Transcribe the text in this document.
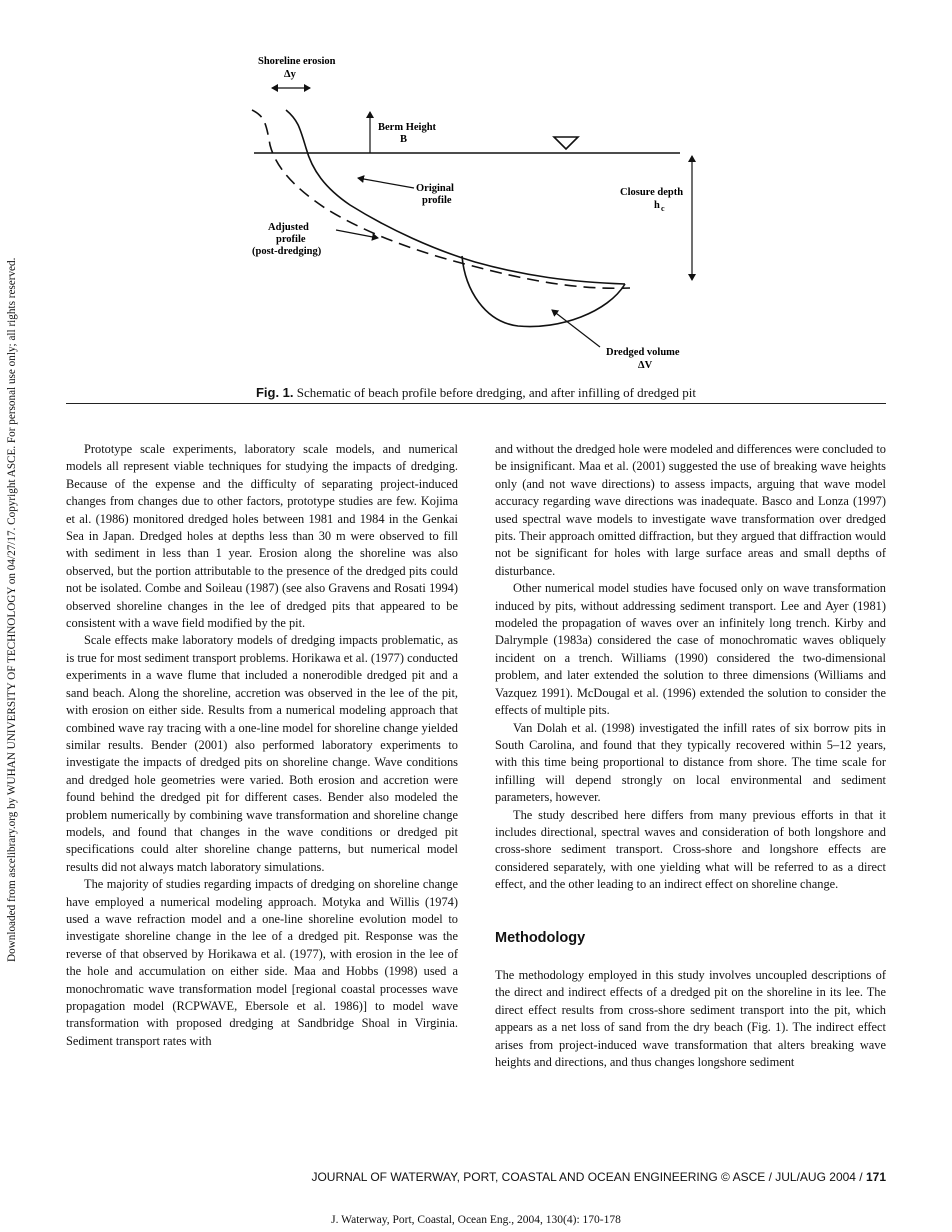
Downloaded from ascelibrary.org by WUHAN UNIVERSITY OF TECHNOLOGY on 04/27/17. Copyright ASCE. For personal use only; all rights reserved.
Shoreline erosion
Δy
Berm Height
B
Closure depth
h c
Original
profile
Adjusted
profile
(post-dredging)
Dredged volume
ΔV
Fig. 1. Schematic of beach profile before dredging, and after infilling of dredged pit

Prototype scale experiments, laboratory scale models, and numerical models all represent viable techniques for studying the impacts of dredging. Because of the expense and the difficulty of separating project-induced changes from changes due to other factors, prototype studies are few. Kojima et al. (1986) monitored dredged holes between 1981 and 1984 in the Genkai Sea in Japan. Dredged holes at depths less than 30 m were observed to fill with sediment in less than 1 year. Erosion along the shoreline was also observed, but the portion attributable to the presence of the dredged pits could not be isolated. Combe and Soileau (1987) (see also Gravens and Rosati 1994) observed shoreline changes in the lee of dredged pits that appeared to be consistent with a wave field modified by the pit.

Scale effects make laboratory models of dredging impacts problematic, as is true for most sediment transport problems. Horikawa et al. (1977) conducted experiments in a wave flume that included a nonerodible dredged pit and a sand beach. Along the shoreline, accretion was observed in the lee of the pit, with erosion on either side. Results from a numerical modeling approach that combined wave ray tracing with a one-line model for shoreline change yielded similar results. Bender (2001) also performed laboratory experiments to investigate the impacts of dredged pits on shoreline change. Wave conditions and dredged hole geometries were varied. Both erosion and accretion were found behind the dredged pit for different cases. Bender also modeled the problem numerically by combining wave transformation and shoreline change models, and found that changes in the wave conditions or dredged pit specifications could alter shoreline change patterns, but numerical model results did not always match laboratory simulations.

The majority of studies regarding impacts of dredging on shoreline change have employed a numerical modeling approach. Motyka and Willis (1974) used a wave refraction model and a one-line shoreline evolution model to investigate shoreline change in the lee of a dredged pit. Response was the reverse of that observed by Horikawa et al. (1977), with erosion in the lee of the hole and accumulation on either side. Maa and Hobbs (1998) used a monochromatic wave transformation model [regional coastal processes wave propagation model (RCPWAVE, Ebersole et al. 1986)] to model wave transformation with proposed dredging at Sandbridge Shoal in Virginia. Sediment transport rates with

and without the dredged hole were modeled and differences were concluded to be insignificant. Maa et al. (2001) suggested the use of breaking wave heights only (and not wave directions) to assess impacts, arguing that wave model accuracy regarding wave directions was inadequate. Basco and Lonza (1997) used spectral wave models to investigate wave transformation over dredged pits. Their approach omitted diffraction, but they argued that diffraction would not be significant for holes with large surface areas and small depths of disturbance.

Other numerical model studies have focused only on wave transformation induced by pits, without addressing sediment transport. Lee and Ayer (1981) modeled the propagation of waves over an infinitely long trench. Kirby and Dalrymple (1983a) considered the case of monochromatic waves obliquely incident on a trench. Williams (1990) considered the two-dimensional problem, and later extended the solution to three dimensions (Williams and Vazquez 1991). McDougal et al. (1996) extended the solution to consider the effects of multiple pits.

Van Dolah et al. (1998) investigated the infill rates of six borrow pits in South Carolina, and found that they typically recovered within 5–12 years, with this time being proportional to distance from shore. The time scale for infilling will depend strongly on local environmental and sediment parameters, however.

The study described here differs from many previous efforts in that it includes directional, spectral waves and consideration of both longshore and cross-shore sediment transport. Cross-shore and longshore effects are considered separately, with one yielding what will be referred to as a direct effect, and the other leading to an indirect effect on shoreline change.

Methodology

The methodology employed in this study involves uncoupled descriptions of the direct and indirect effects of a dredged pit on the shoreline in its lee. The direct effect results from cross-shore sediment transport into the pit, which appears as a net loss of sand from the dry beach (Fig. 1). The indirect effect arises from project-induced wave transformation that alters breaking wave heights and directions, and thus changes longshore sediment

JOURNAL OF WATERWAY, PORT, COASTAL AND OCEAN ENGINEERING © ASCE / JUL/AUG 2004 / 171
J. Waterway, Port, Coastal, Ocean Eng., 2004, 130(4): 170-178
